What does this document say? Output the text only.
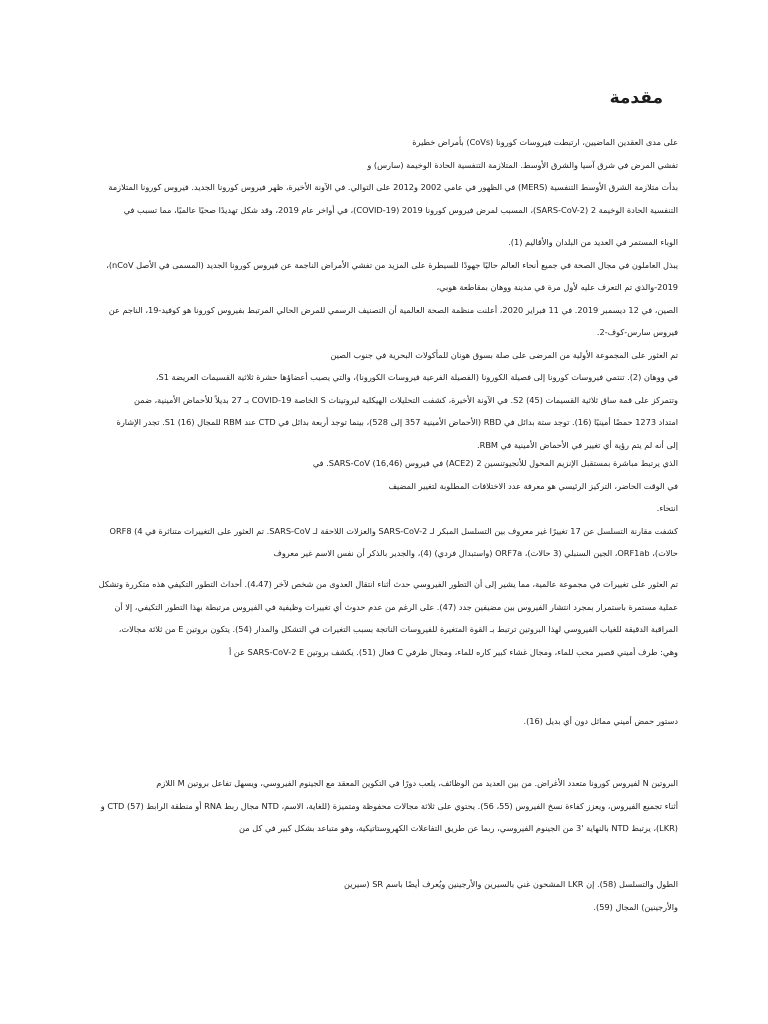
مقدمة
على مدى العقدين الماضيين، ارتبطت فيروسات كورونا (CoVs) بأمراض خطيرة
تفشي المرض في شرق آسيا والشرق الأوسط. المتلازمة التنفسية الحادة الوخيمة (سارس) و
بدأت متلازمة الشرق الأوسط التنفسية (MERS) في الظهور في عامي 2002 و2012 على التوالي. في الآونة الأخيرة، ظهر فيروس كورونا الجديد. فيروس كورونا المتلازمة
التنفسية الحادة الوخيمة 2 (SARS-CoV-2)، المسبب لمرض فيروس كورونا 2019 (COVID-19)، في أواخر عام 2019، وقد شكل تهديدًا صحيًا عالميًا، مما تسبب في
الوباء المستمر في العديد من البلدان والأقاليم (1).
يبذل العاملون في مجال الصحة في جميع أنحاء العالم حاليًا جهودًا للسيطرة على المزيد من تفشي الأمراض الناجمة عن فيروس كورونا الجديد (المسمى في الأصل nCoV)،
2019-والذي تم التعرف عليه لأول مرة في مدينة ووهان بمقاطعة هوبي،
الصين، في 12 ديسمبر 2019. في 11 فبراير 2020، أعلنت منظمة الصحة العالمية أن التصنيف الرسمي للمرض الحالي المرتبط بفيروس كورونا هو كوفيد-19، الناجم عن
فيروس سارس-كوف-2.
تم العثور على المجموعة الأولية من المرضى على صلة بسوق هونان للمأكولات البحرية في جنوب الصين
في ووهان (2). تنتمي فيروسات كورونا إلى فصيلة الكورونا (الفصيلة الفرعية فيروسات الكورونا)، والتي يصيب أعضاؤها حشرة ثلاثية القسيمات العريضة S1،
وتتمركز على قمة ساق ثلاثية القسيمات S2 (45). في الآونة الأخيرة، كشفت التحليلات الهيكلية لبروتينات S الخاصة COVID-19 بـ 27 بديلاً للأحماض الأمينية، ضمن
امتداد 1273 حمضًا أمينيًا (16). توجد ستة بدائل في RBD (الأحماض الأمينية 357 إلى 528)، بينما توجد أربعة بدائل في CTD عند RBM للمجال S1 (16). تجدر الإشارة
إلى أنه لم يتم رؤية أي تغيير في الأحماض الأمينية في RBM.
الذي يرتبط مباشرة بمستقبل الإنزيم المحول للأنجيوتنسين 2 (ACE2) في فيروس SARS-CoV (16,46). في
في الوقت الحاضر، التركيز الرئيسي هو معرفة عدد الاختلافات المطلوبة لتغيير المضيف
انتحاء.
كشفت مقارنة التسلسل عن 17 تغييرًا غير معروف بين التسلسل المبكر لـ SARS-CoV-2 والعزلات اللاحقة لـ SARS-CoV. تم العثور على التغييرات متناثرة في ORF8 (4
حالات)، ORF1ab، الجين السنبلي (3 حالات)، ORF7a (واستبدال فردي) (4)، والجدير بالذكر أن نفس الاسم غير معروف
تم العثور على تغييرات في مجموعة عالمية، مما يشير إلى أن التطور الفيروسي حدث أثناء انتقال العدوى من شخص لآخر (4،47). أحداث التطور التكيفي هذه متكررة وتشكل
عملية مستمرة باستمرار بمجرد انتشار الفيروس بين مضيفين جدد (47). على الرغم من عدم حدوث أي تغييرات وظيفية في الفيروس مرتبطة بهذا التطور التكيفي، إلا أن
المراقبة الدقيقة للغياب الفيروسي لهذا البروتين ترتبط بـ القوة المتغيرة للفيروسات الناتجة بسبب التغيرات في التشكل والمدار (54). يتكون بروتين E من ثلاثة مجالات،
وهي: طرف أميني قصير محب للماء، ومجال غشاء كبير كاره للماء، ومجال طرفي C فعال (51). يكشف بروتين SARS-CoV-2 E عن أ
دستور حمض أميني مماثل دون أي بديل (16).
البروتين N لفيروس كورونا متعدد الأغراض. من بين العديد من الوظائف، يلعب دورًا في التكوين المعقد مع الجينوم الفيروسي، ويسهل تفاعل بروتين M اللازم
أثناء تجميع الفيروس، ويعزز كفاءة نسخ الفيروس (55، 56). يحتوي على ثلاثة مجالات محفوظة ومتميزة (للغاية، الاسم، NTD مجال ربط RNA أو منطقة الرابط CTD (57) و
(LKR)، يرتبط NTD بالنهاية '3 من الجينوم الفيروسي، ربما عن طريق التفاعلات الكهروستاتيكية، وهو متباعد بشكل كبير في كل من
الطول والتسلسل (58). إن LKR المشحون غني بالسيرين والأرجينين ويُعرف أيضًا باسم SR (سيرين
والأرجينين) المجال (59).
